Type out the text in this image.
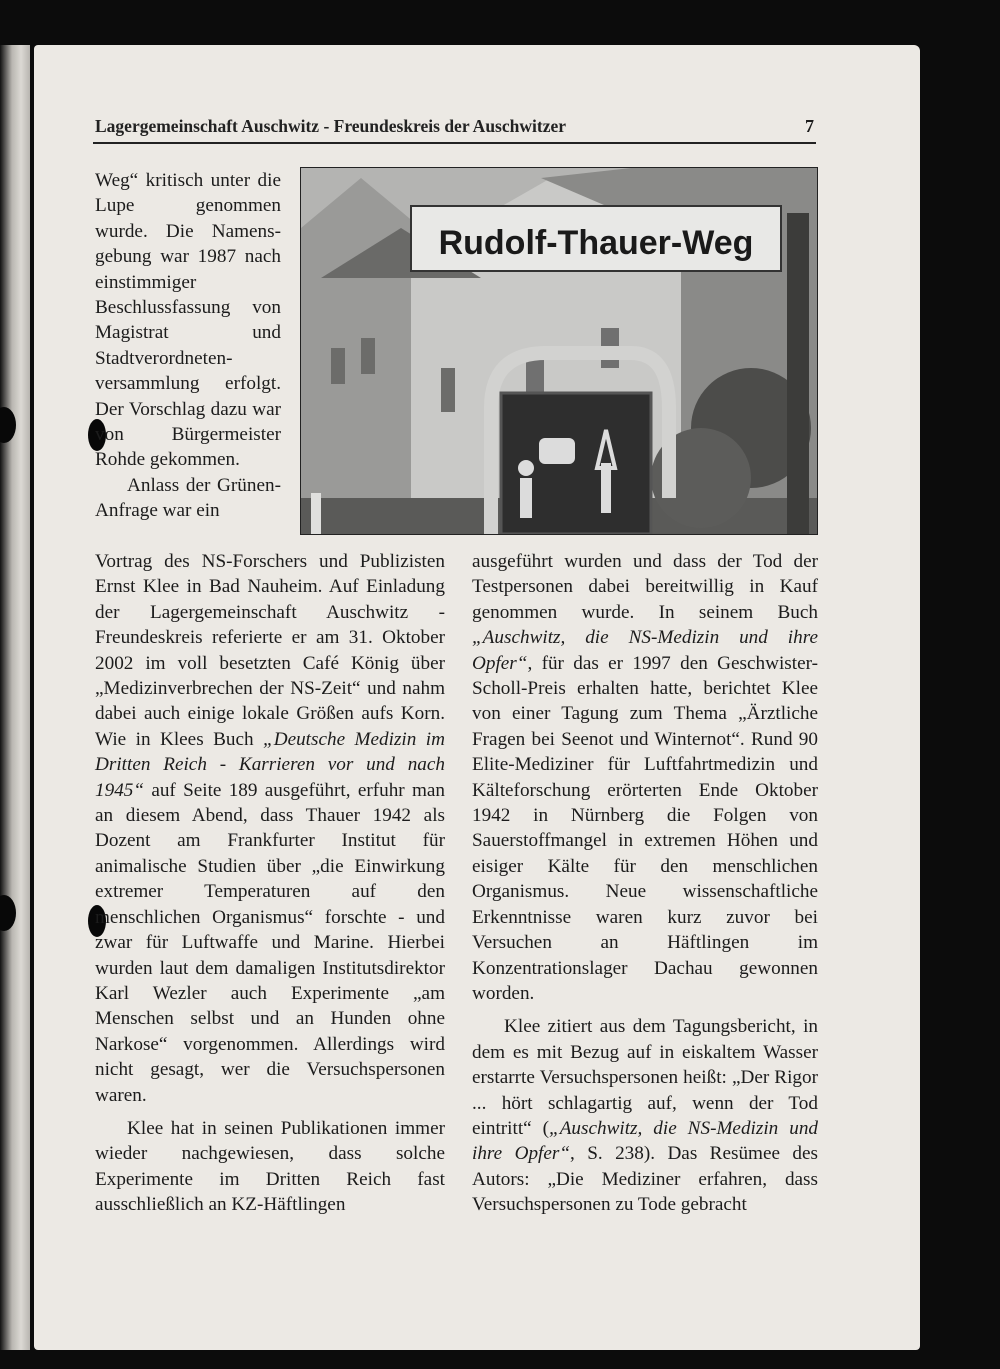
Lagergemeinschaft Auschwitz - Freundeskreis der Auschwitzer	7
Rudolf-Thauer-Weg

Weg“ kritisch unter die Lupe genommen wurde. Die Namensgebung war 1987 nach einstimmiger Beschlussfassung von Magistrat und Stadtverordnetenversammlung erfolgt. Der Vorschlag dazu war von Bürgermeister Rohde gekommen.

Anlass der Grünen-Anfrage war ein

Vortrag des NS-Forschers und Publizisten Ernst Klee in Bad Nauheim. Auf Einladung der Lagergemeinschaft Auschwitz - Freundeskreis referierte er am 31. Oktober 2002 im voll besetzten Café König über „Medizinverbrechen der NS-Zeit“ und nahm dabei auch einige lokale Größen aufs Korn. Wie in Klees Buch „Deutsche Medizin im Dritten Reich - Karrieren vor und nach 1945“ auf Seite 189 ausgeführt, erfuhr man an diesem Abend, dass Thauer 1942 als Dozent am Frankfurter Institut für animalische Studien über „die Einwirkung extremer Temperaturen auf den menschlichen Organismus“ forschte - und zwar für Luftwaffe und Marine. Hierbei wurden laut dem damaligen Institutsdirektor Karl Wezler auch Experimente „am Menschen selbst und an Hunden ohne Narkose“ vorgenommen. Allerdings wird nicht gesagt, wer die Versuchspersonen waren.

Klee hat in seinen Publikationen immer wieder nachgewiesen, dass solche Experimente im Dritten Reich fast ausschließlich an KZ-Häftlingen

ausgeführt wurden und dass der Tod der Testpersonen dabei bereitwillig in Kauf genommen wurde. In seinem Buch „Auschwitz, die NS-Medizin und ihre Opfer“, für das er 1997 den Geschwister-Scholl-Preis erhalten hatte, berichtet Klee von einer Tagung zum Thema „Ärztliche Fragen bei Seenot und Winternot“. Rund 90 Elite-Mediziner für Luftfahrtmedizin und Kälteforschung erörterten Ende Oktober 1942 in Nürnberg die Folgen von Sauerstoffmangel in extremen Höhen und eisiger Kälte für den menschlichen Organismus. Neue wissenschaftliche Erkenntnisse waren kurz zuvor bei Versuchen an Häftlingen im Konzentrationslager Dachau gewonnen worden.

Klee zitiert aus dem Tagungsbericht, in dem es mit Bezug auf in eiskaltem Wasser erstarrte Versuchspersonen heißt: „Der Rigor ... hört schlagartig auf, wenn der Tod eintritt“ („Auschwitz, die NS-Medizin und ihre Opfer“, S. 238). Das Resümee des Autors: „Die Mediziner erfahren, dass Versuchspersonen zu Tode gebracht
